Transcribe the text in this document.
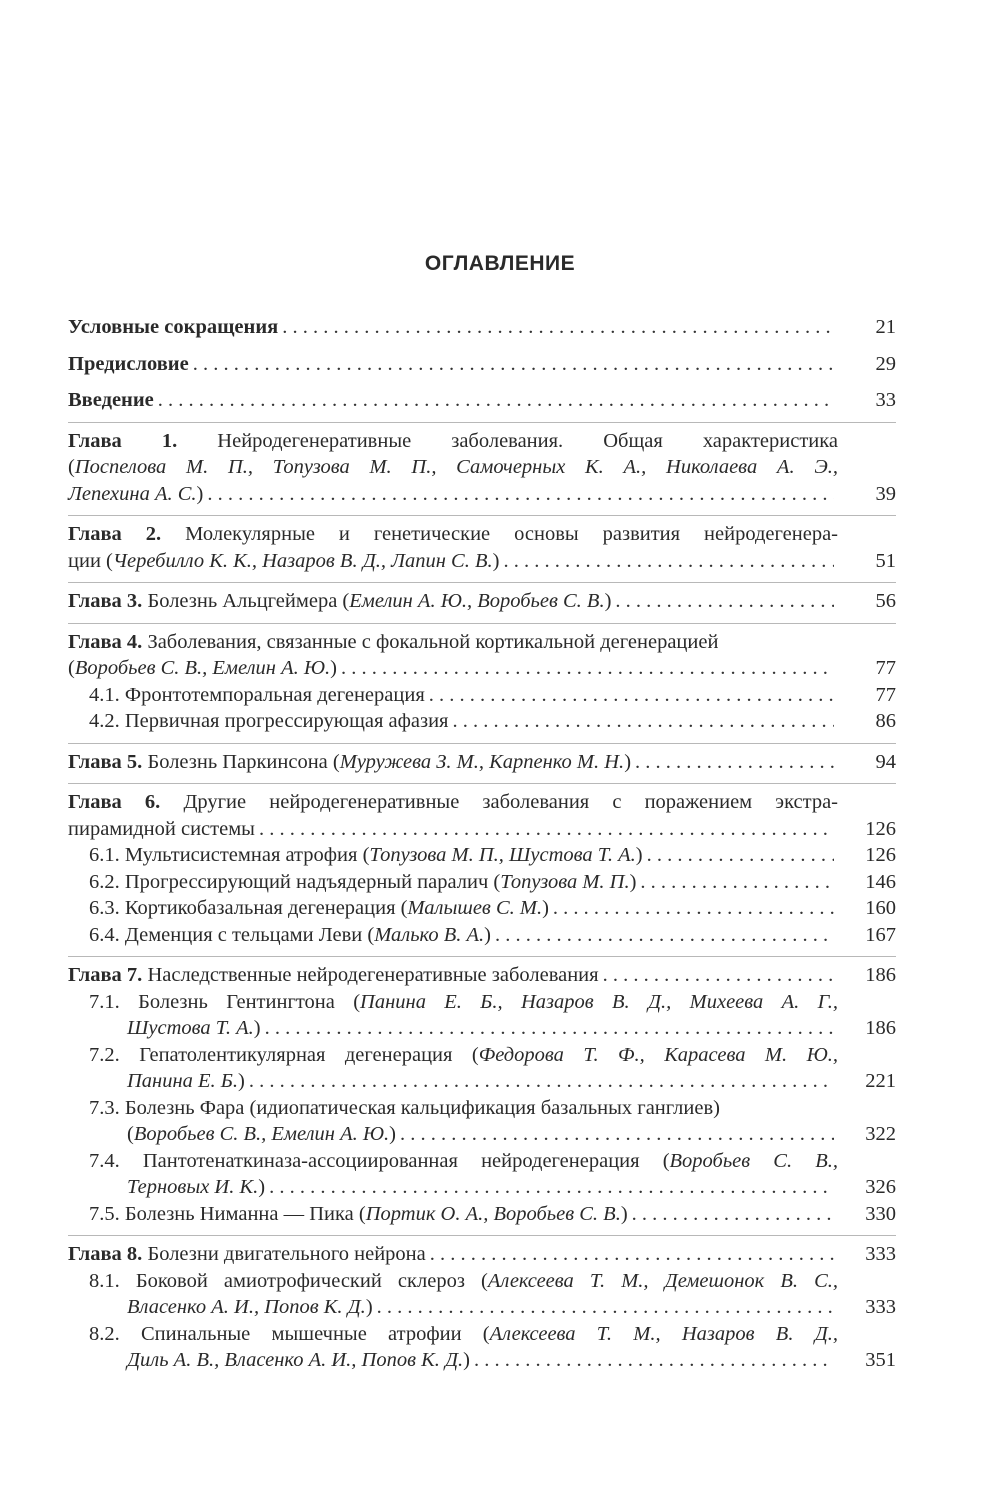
ОГЛАВЛЕНИЕ
Условные сокращения . . .	21
Предисловие . . .	29
Введение . . .	33
Глава 1. Нейродегенеративные заболевания. Общая характеристика
(Поспелова М. П., Топузова М. П., Самочерных К. А., Николаева А. Э.,
Лепехина А. С.) . . .	39
Глава 2. Молекулярные и генетические основы развития нейродегенера-
ции (Черебилло К. К., Назаров В. Д., Лапин С. В.) . . .	51
Глава 3. Болезнь Альцгеймера (Емелин А. Ю., Воробьев С. В.) . . .	56
Глава 4. Заболевания, связанные с фокальной кортикальной дегенерацией
(Воробьев С. В., Емелин А. Ю.) . . .	77
4.1. Фронтотемпоральная дегенерация . . .	77
4.2. Первичная прогрессирующая афазия . . .	86
Глава 5. Болезнь Паркинсона (Муружева З. М., Карпенко М. Н.) . . .	94
Глава 6. Другие нейродегенеративные заболевания с поражением экстра-
пирамидной системы . . .	126
6.1. Мультисистемная атрофия (Топузова М. П., Шустова Т. А.) . . .	126
6.2. Прогрессирующий надъядерный паралич (Топузова М. П.) . . .	146
6.3. Кортикобазальная дегенерация (Малышев С. М.) . . .	160
6.4. Деменция с тельцами Леви (Малько В. А.) . . .	167
Глава 7. Наследственные нейродегенеративные заболевания . . .	186
7.1. Болезнь Гентингтона (Панина Е. Б., Назаров В. Д., Михеева А. Г.,
Шустова Т. А.) . . .	186
7.2. Гепатолентикулярная дегенерация (Федорова Т. Ф., Карасева М. Ю.,
Панина Е. Б.) . . .	221
7.3. Болезнь Фара (идиопатическая кальцификация базальных ганглиев)
(Воробьев С. В., Емелин А. Ю.) . . .	322
7.4. Пантотенаткиназа-ассоциированная нейродегенерация (Воробьев С. В.,
Терновых И. К.) . . .	326
7.5. Болезнь Ниманна — Пика (Портик О. А., Воробьев С. В.) . . .	330
Глава 8. Болезни двигательного нейрона . . .	333
8.1. Боковой амиотрофический склероз (Алексеева Т. М., Демешонок В. С.,
Власенко А. И., Попов К. Д.) . . .	333
8.2. Спинальные мышечные атрофии (Алексеева Т. М., Назаров В. Д.,
Диль А. В., Власенко А. И., Попов К. Д.) . . .	351
